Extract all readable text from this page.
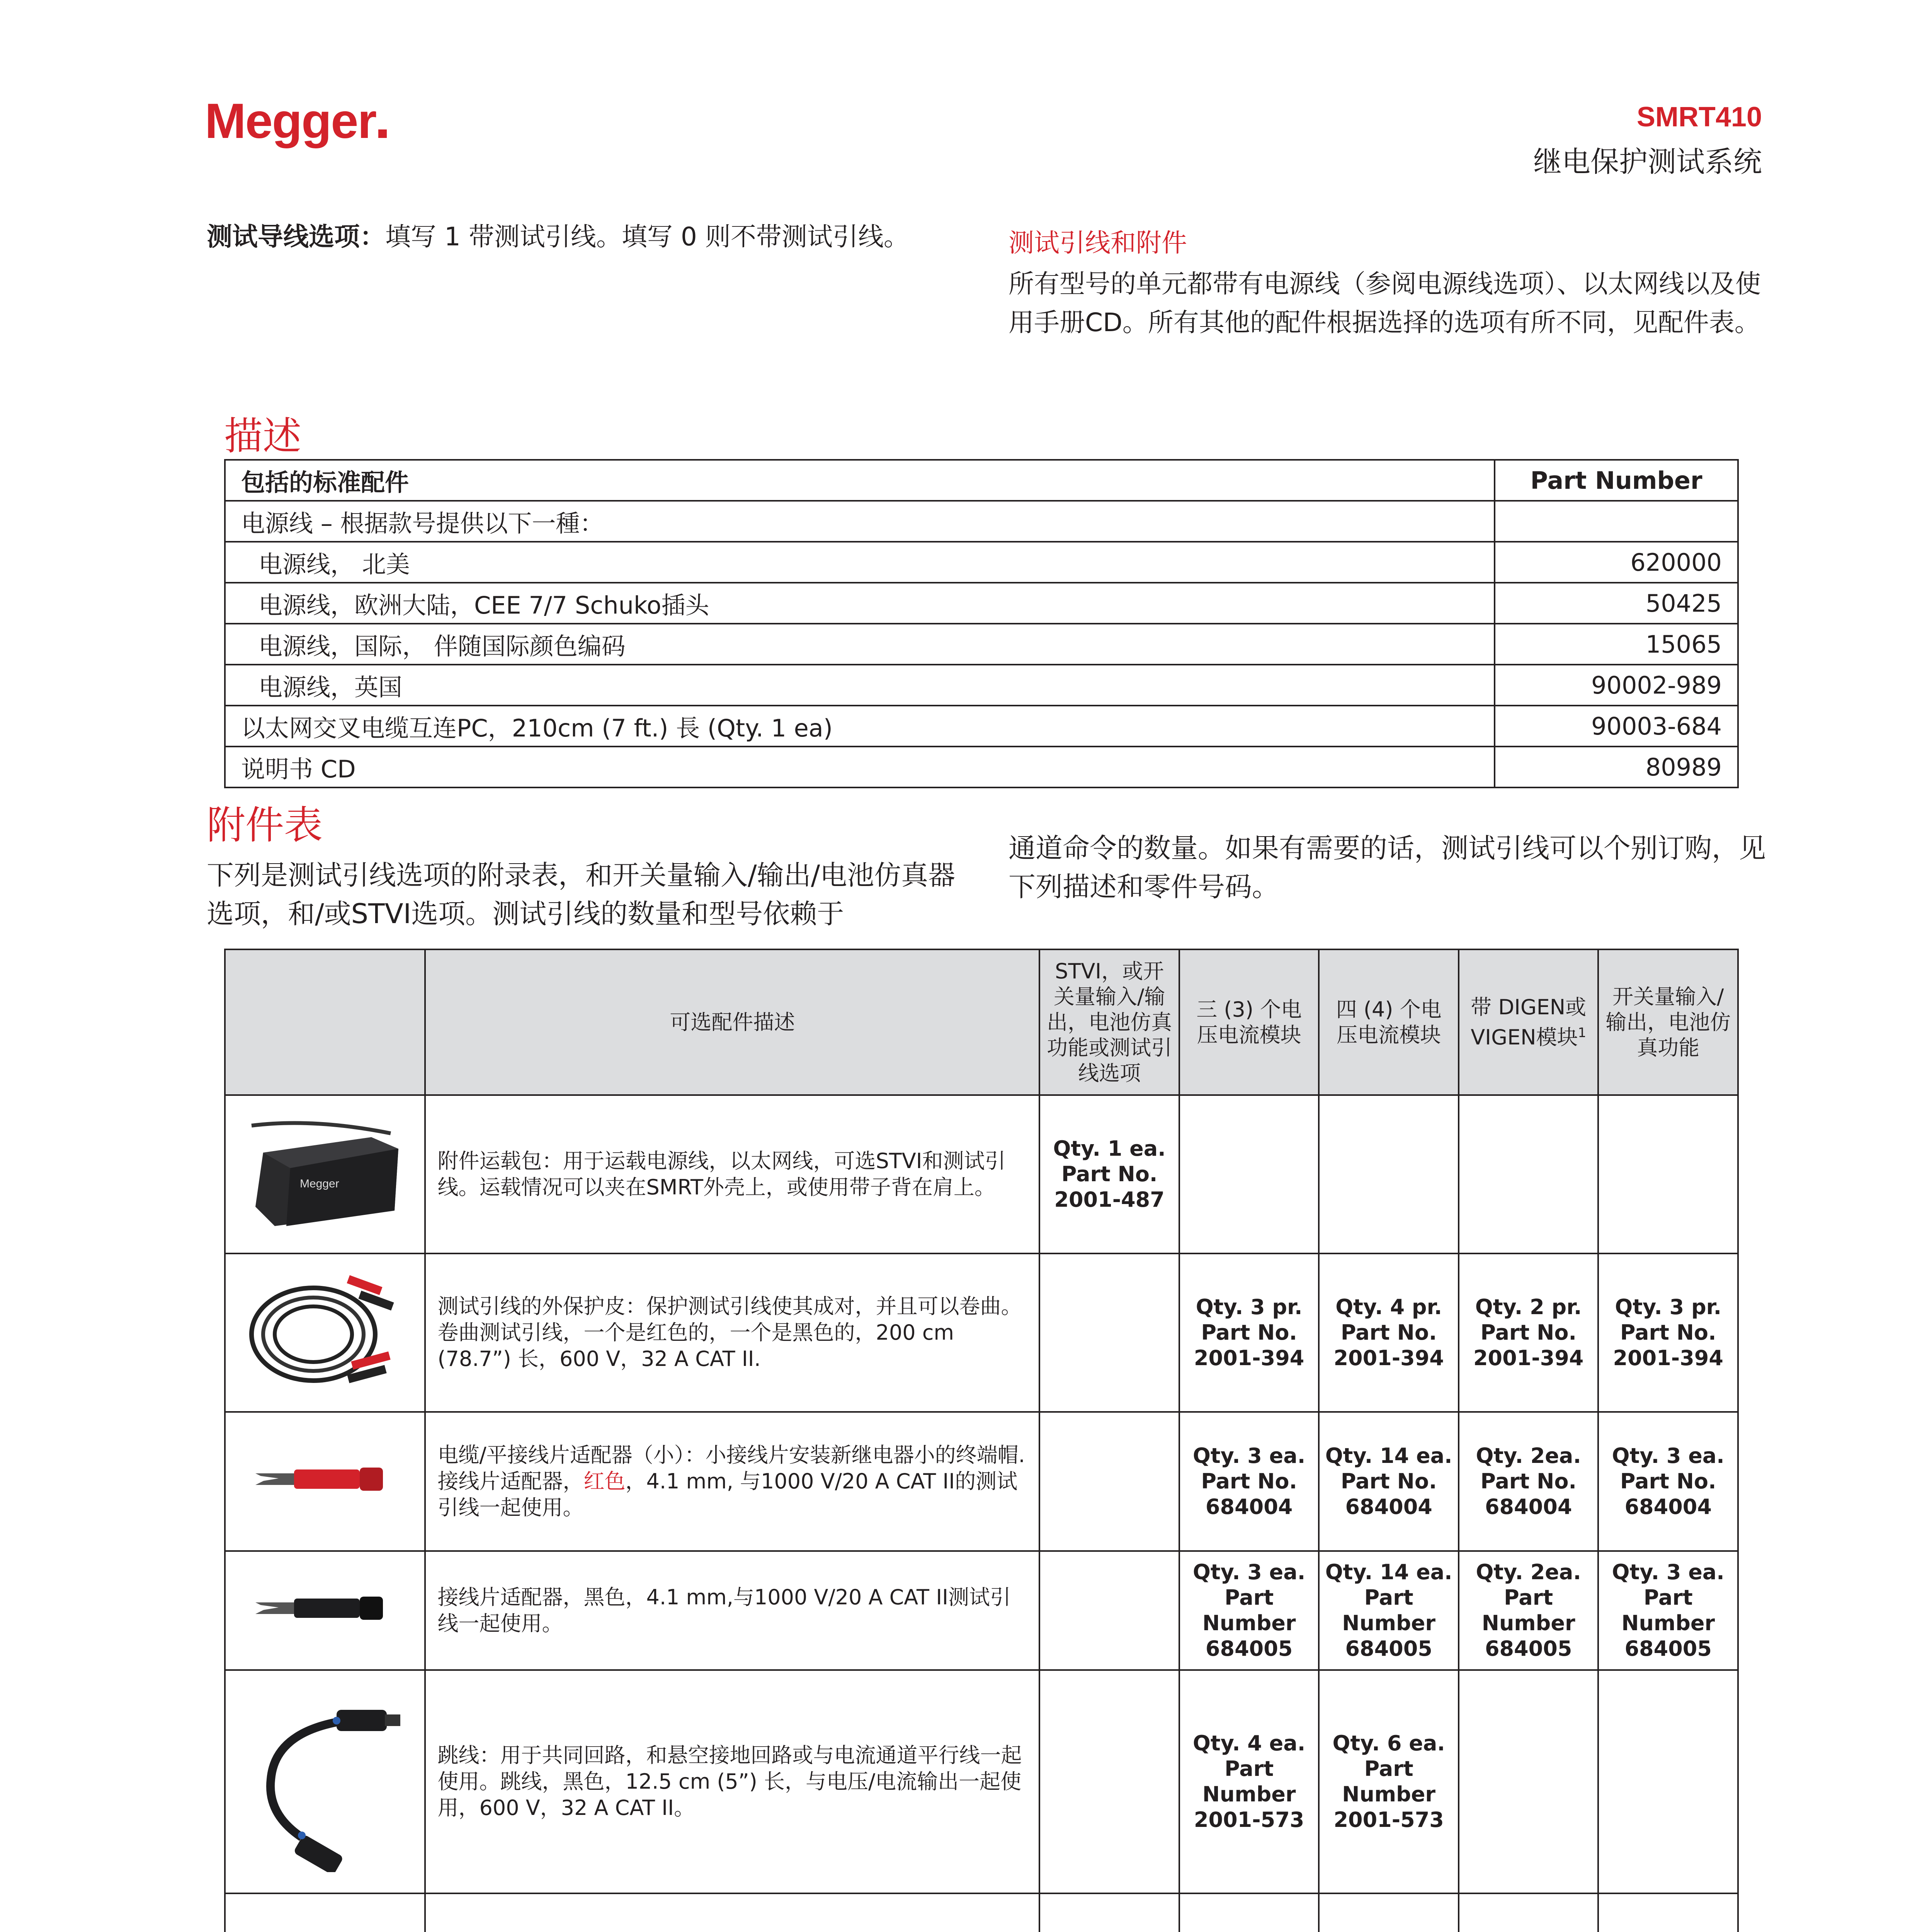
Megger	SMRT410
继电保护测试系统
测试导线选项：填写 1 带测试引线。填写 0 则不带测试引线。	测试引线和附件
所有型号的单元都带有电源线（参阅电源线选项）、以太网线以及使用手册CD。所有其他的配件根据选择的选项有所不同，见配件表。
描述
包括的标准配件	Part Number
电源线 – 根据款号提供以下一種：	
电源线， 北美	620000
电源线，欧洲大陆，CEE 7/7 Schuko插头	50425
电源线，国际， 伴随国际颜色编码	15065
电源线，英国	90002-989
以太网交叉电缆互连PC，210cm (7 ft.) 長 (Qty. 1 ea)	90003-684
说明书 CD	80989
附件表
下列是测试引线选项的附录表，和开关量输入/输出/电池仿真器选项，和/或STVI选项。测试引线的数量和型号依赖于
通道命令的数量。如果有需要的话，测试引线可以个别订购，见下列描述和零件号码。
	可选配件描述	STVI，或开关量输入/输出，电池仿真功能或测试引线选项	三 (3) 个电压电流模块	四 (4) 个电压电流模块	带 DIGEN或VIGEN模块$^1$	开关量输入/输出，电池仿真功能

Megger	附件运载包：用于运载电源线，以太网线，可选STVI和测试引线。运载情况可以夹在SMRT外壳上，或使用带子背在肩上。	Qty. 1 ea.
Part No.
2001-487				
	测试引线的外保护皮：保护测试引线使其成对，并且可以卷曲。卷曲测试引线，一个是红色的，一个是黑色的，200 cm (78.7”) 长，600 V，32 A CAT II.		Qty. 3 pr.
Part No.
2001-394	Qty. 4 pr.
Part No.
2001-394	Qty. 2 pr.
Part No.
2001-394	Qty. 3 pr.
Part No.
2001-394
	电缆/平接线片适配器（小）：小接线片安装新继电器小的终端帽.接线片适配器，红色，4.1 mm, 与1000 V/20 A CAT II的测试引线一起使用。		Qty. 3 ea.
Part No.
684004	Qty. 14 ea.
Part No.
684004	Qty. 2ea.
Part No.
684004	Qty. 3 ea.
Part No.
684004
	接线片适配器，黑色，4.1 mm,与1000 V/20 A CAT II测试引线一起使用。		Qty. 3 ea.
Part
Number
684005	Qty. 14 ea.
Part
Number
684005	Qty. 2ea.
Part
Number
684005	Qty. 3 ea.
Part
Number
684005
	跳线：用于共同回路，和悬空接地回路或与电流通道平行线一起使用。跳线，黑色，12.5 cm (5”) 长，与电压/电流输出一起使用，600 V，32 A CAT II。		Qty. 4 ea.
Part
Number
2001-573	Qty. 6 ea.
Part
Number
2001-573		
